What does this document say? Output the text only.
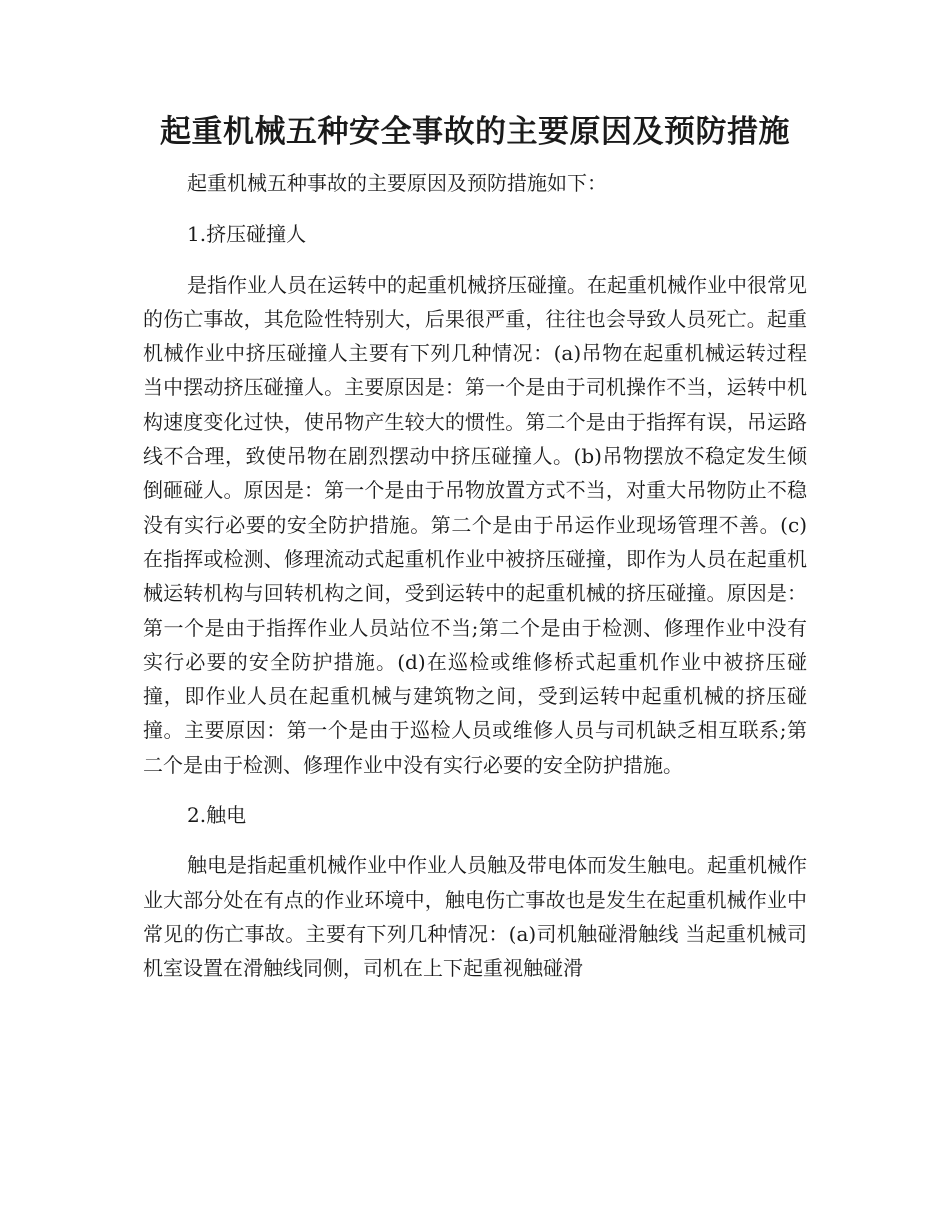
起重机械五种安全事故的主要原因及预防措施

起重机械五种事故的主要原因及预防措施如下：

1.挤压碰撞人

是指作业人员在运转中的起重机械挤压碰撞。在起重机械作业中很常见的伤亡事故，其危险性特别大，后果很严重，往往也会导致人员死亡。起重机械作业中挤压碰撞人主要有下列几种情况：(a)吊物在起重机械运转过程当中摆动挤压碰撞人。主要原因是：第一个是由于司机操作不当，运转中机构速度变化过快，使吊物产生较大的惯性。第二个是由于指挥有误，吊运路线不合理，致使吊物在剧烈摆动中挤压碰撞人。(b)吊物摆放不稳定发生倾倒砸碰人。原因是：第一个是由于吊物放置方式不当，对重大吊物防止不稳没有实行必要的安全防护措施。第二个是由于吊运作业现场管理不善。(c)在指挥或检测、修理流动式起重机作业中被挤压碰撞，即作为人员在起重机械运转机构与回转机构之间，受到运转中的起重机械的挤压碰撞。原因是：第一个是由于指挥作业人员站位不当;第二个是由于检测、修理作业中没有实行必要的安全防护措施。(d)在巡检或维修桥式起重机作业中被挤压碰撞，即作业人员在起重机械与建筑物之间，受到运转中起重机械的挤压碰撞。主要原因：第一个是由于巡检人员或维修人员与司机缺乏相互联系;第二个是由于检测、修理作业中没有实行必要的安全防护措施。

2.触电

触电是指起重机械作业中作业人员触及带电体而发生触电。起重机械作业大部分处在有点的作业环境中，触电伤亡事故也是发生在起重机械作业中常见的伤亡事故。主要有下列几种情况：(a)司机触碰滑触线 当起重机械司机室设置在滑触线同侧，司机在上下起重视触碰滑
